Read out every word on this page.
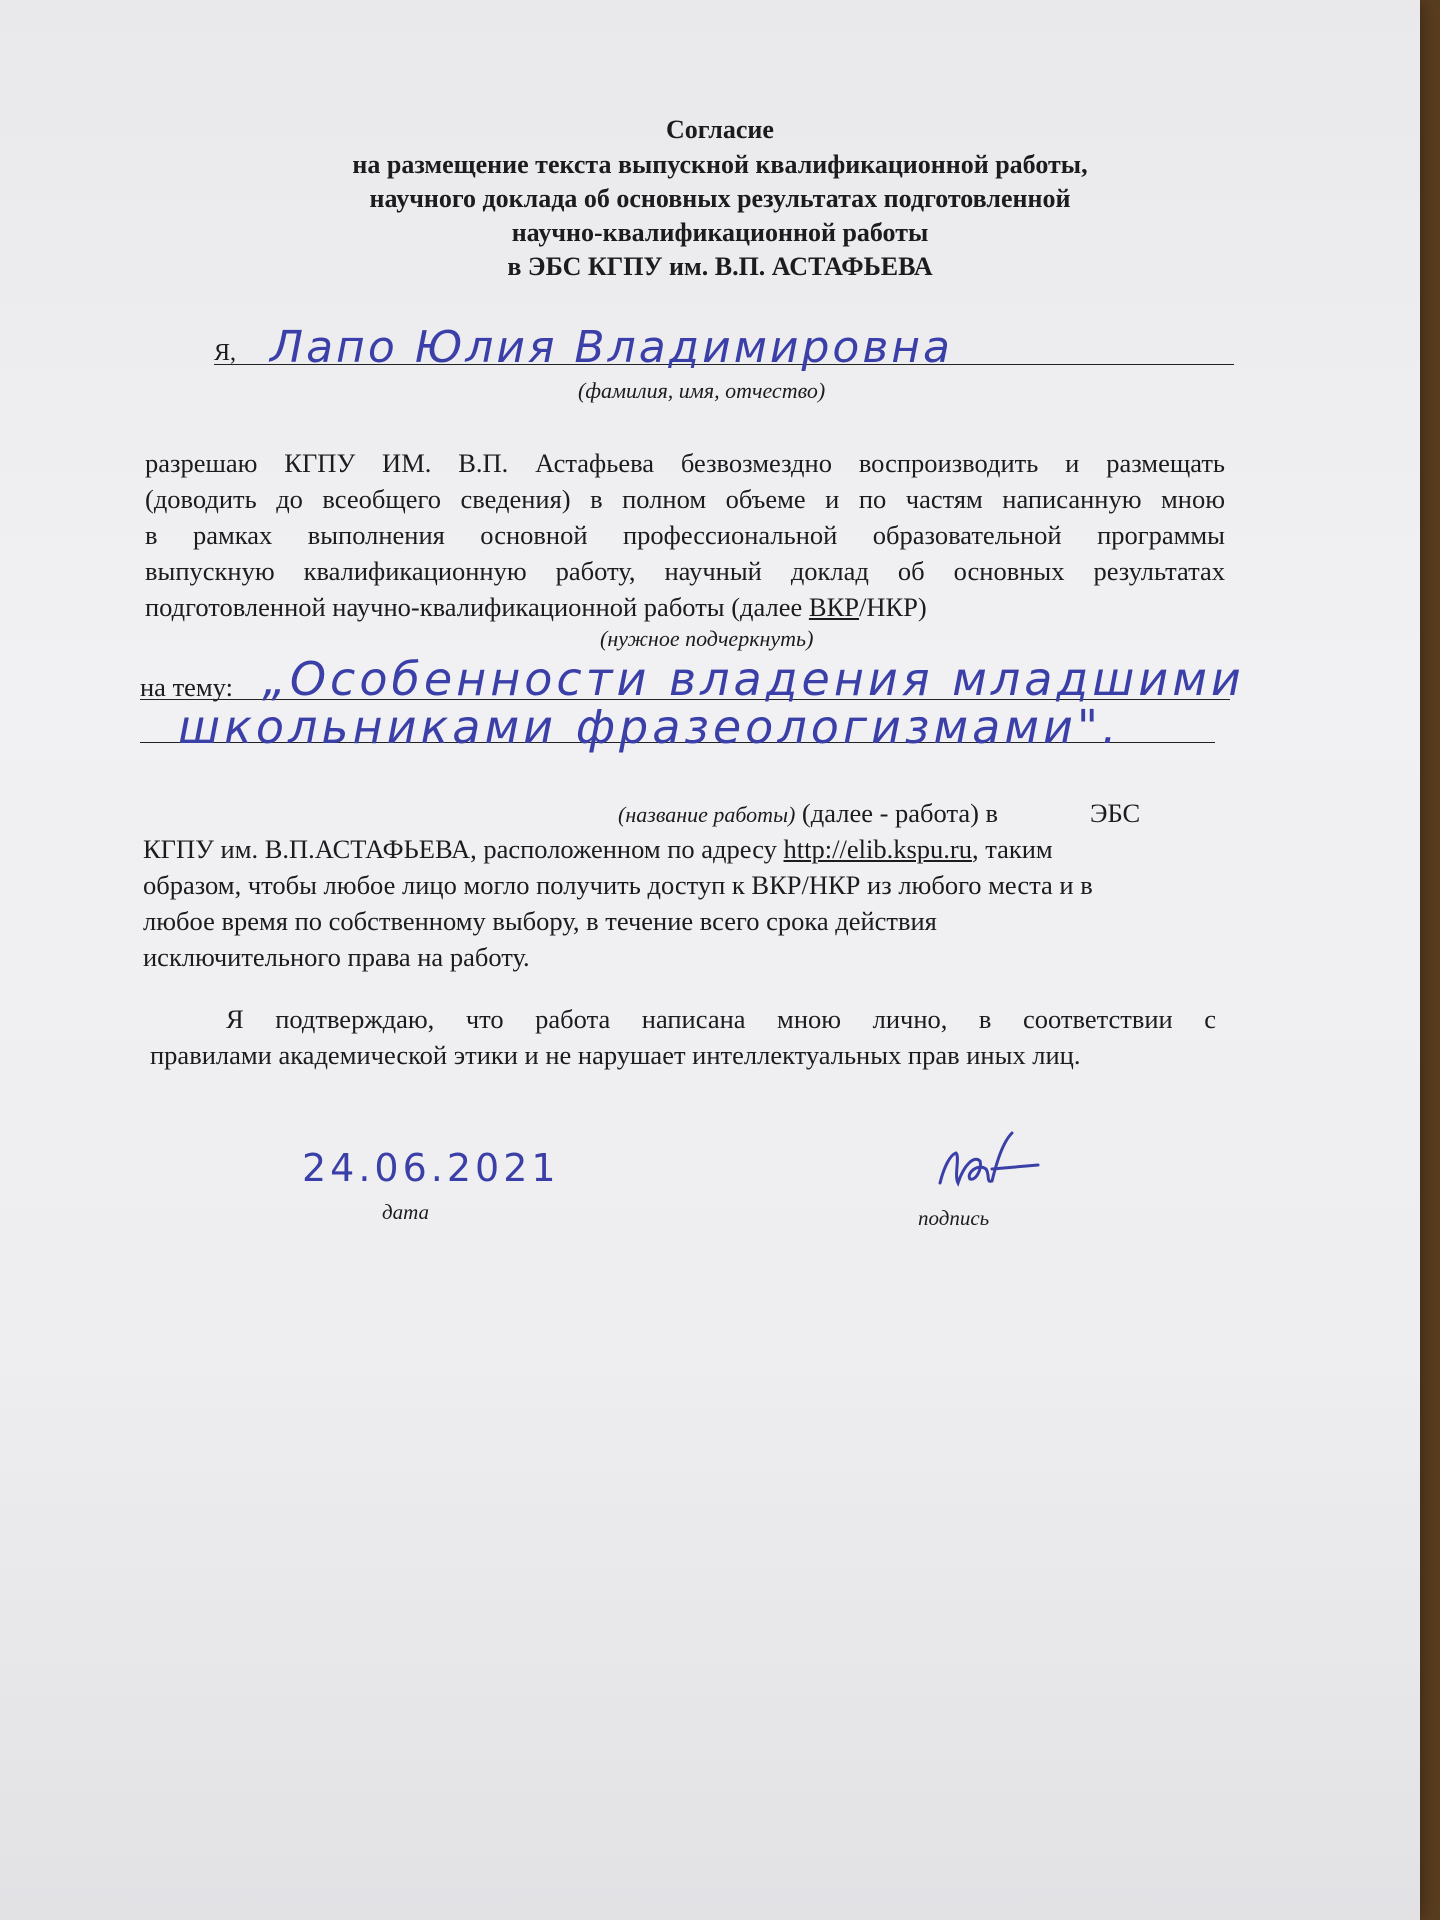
Согласие
на размещение текста выпускной квалификационной работы,
научного доклада об основных результатах подготовленной
научно-квалификационной работы
в ЭБС КГПУ им. В.П. АСТАФЬЕВА
Я, Лапо Юлия Владимировна
(фамилия, имя, отчество)
разрешаю КГПУ ИМ. В.П. Астафьева безвозмездно воспроизводить и размещать
(доводить до всеобщего сведения) в полном объеме и по частям написанную мною
в рамках выполнения основной профессиональной образовательной программы
выпускную квалификационную работу, научный доклад об основных результатах
подготовленной научно-квалификационной работы (далее ВКР/НКР)
(нужное подчеркнуть)
на тему: „Особенности владения младшими
школьниками фразеологизмами".
(название работы) (далее - работа) в	ЭБС
КГПУ им. В.П.АСТАФЬЕВА, расположенном по адресу http://elib.kspu.ru, таким
образом, чтобы любое лицо могло получить доступ к ВКР/НКР из любого места и в
любое время по собственному выбору, в течение всего срока действия
исключительного права на работу.
Я подтверждаю, что работа написана мною лично, в соответствии с
правилами академической этики и не нарушает интеллектуальных прав иных лиц.
24.06.2021
дата	подпись
